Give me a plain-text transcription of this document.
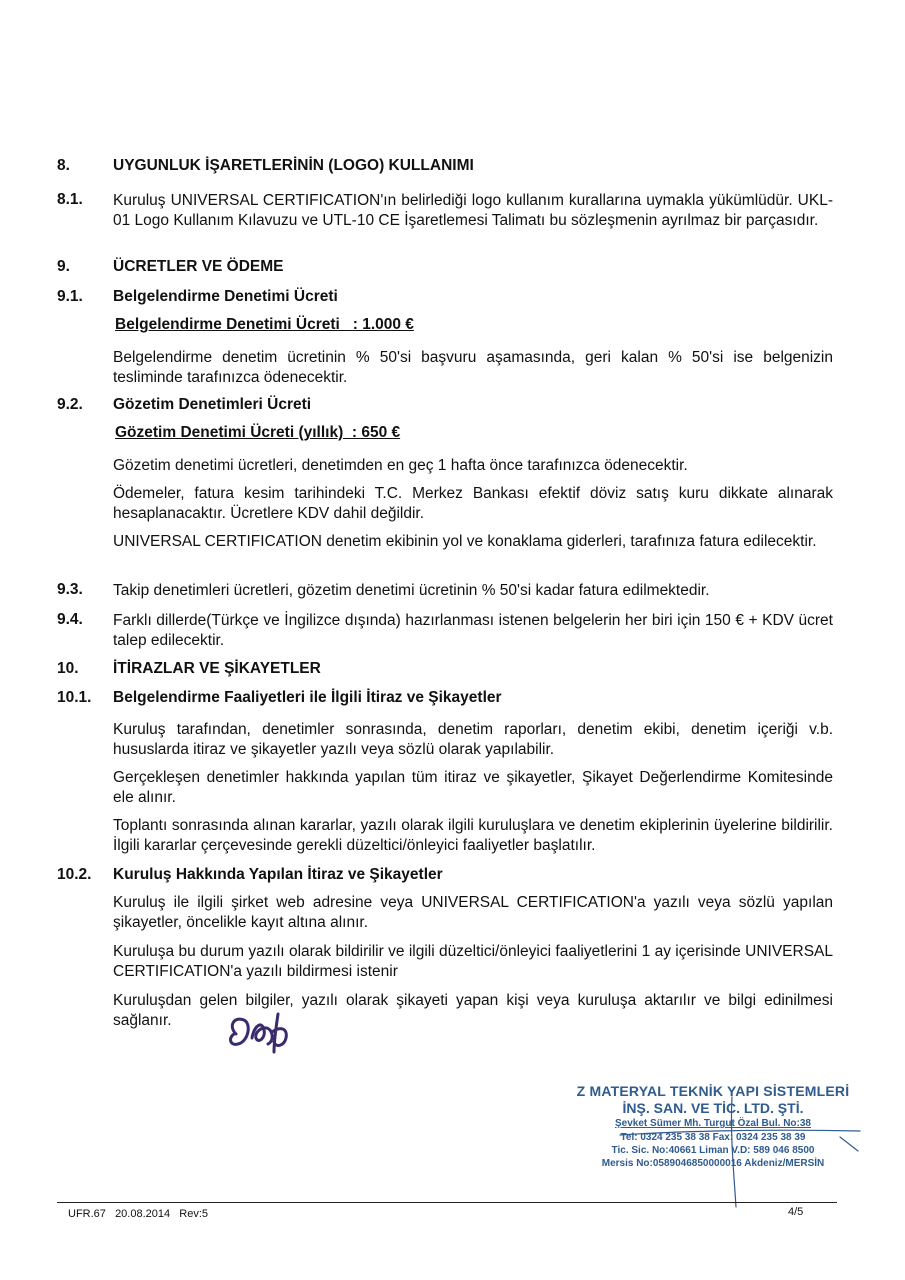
8.	UYGUNLUK İŞARETLERİNİN (LOGO) KULLANIMI
8.1. Kuruluş UNIVERSAL CERTIFICATION'ın belirlediği logo kullanım kurallarına uymakla yükümlüdür. UKL-01 Logo Kullanım Kılavuzu ve UTL-10 CE İşaretlemesi Talimatı bu sözleşmenin ayrılmaz bir parçasıdır.
9.	ÜCRETLER VE ÖDEME
9.1. Belgelendirme Denetimi Ücreti
Belgelendirme Denetimi Ücreti   : 1.000 €
Belgelendirme denetim ücretinin % 50'si başvuru aşamasında, geri kalan % 50'si ise belgenizin tesliminde tarafınızca ödenecektir.
9.2. Gözetim Denetimleri Ücreti
Gözetim Denetimi Ücreti (yıllık)  : 650 €
Gözetim denetimi ücretleri, denetimden en geç 1 hafta önce tarafınızca ödenecektir.
Ödemeler, fatura kesim tarihindeki T.C. Merkez Bankası efektif döviz satış kuru dikkate alınarak hesaplanacaktır. Ücretlere KDV dahil değildir.
UNIVERSAL CERTIFICATION denetim ekibinin yol ve konaklama giderleri, tarafınıza fatura edilecektir.
9.3. Takip denetimleri ücretleri, gözetim denetimi ücretinin % 50'si kadar fatura edilmektedir.
9.4. Farklı dillerde(Türkçe ve İngilizce dışında) hazırlanması istenen belgelerin her biri için 150 € + KDV ücret talep edilecektir.
10. İTİRAZLAR VE ŞİKAYETLER
10.1. Belgelendirme Faaliyetleri ile İlgili İtiraz ve Şikayetler
Kuruluş tarafından, denetimler sonrasında, denetim raporları, denetim ekibi, denetim içeriği v.b. hususlarda itiraz ve şikayetler yazılı veya sözlü olarak yapılabilir.
Gerçekleşen denetimler hakkında yapılan tüm itiraz ve şikayetler, Şikayet Değerlendirme Komitesinde ele alınır.
Toplantı sonrasında alınan kararlar, yazılı olarak ilgili kuruluşlara ve denetim ekiplerinin üyelerine bildirilir. İlgili kararlar çerçevesinde gerekli düzeltici/önleyici faaliyetler başlatılır.
10.2. Kuruluş Hakkında Yapılan İtiraz ve Şikayetler
Kuruluş ile ilgili şirket web adresine veya UNIVERSAL CERTIFICATION'a yazılı veya sözlü yapılan şikayetler, öncelikle kayıt altına alınır.
Kuruluşa bu durum yazılı olarak bildirilir ve ilgili düzeltici/önleyici faaliyetlerini 1 ay içerisinde UNIVERSAL CERTIFICATION'a yazılı bildirmesi istenir
Kuruluşdan gelen bilgiler, yazılı olarak şikayeti yapan kişi veya kuruluşa aktarılır ve bilgi edinilmesi sağlanır.
Z MATERYAL TEKNİK YAPI SİSTEMLERİ
İNŞ. SAN. VE TİC. LTD. ŞTİ.
Şevket Sümer Mh. Turgut Özal Bul. No:38
Tel: 0324 235 38 38 Fax: 0324 235 38 39
Tic. Sic. No:40661 Liman V.D: 589 046 8500
Mersis No:0589046850000016 Akdeniz/MERSİN
UFR.67   20.08.2014   Rev:5	4/5
